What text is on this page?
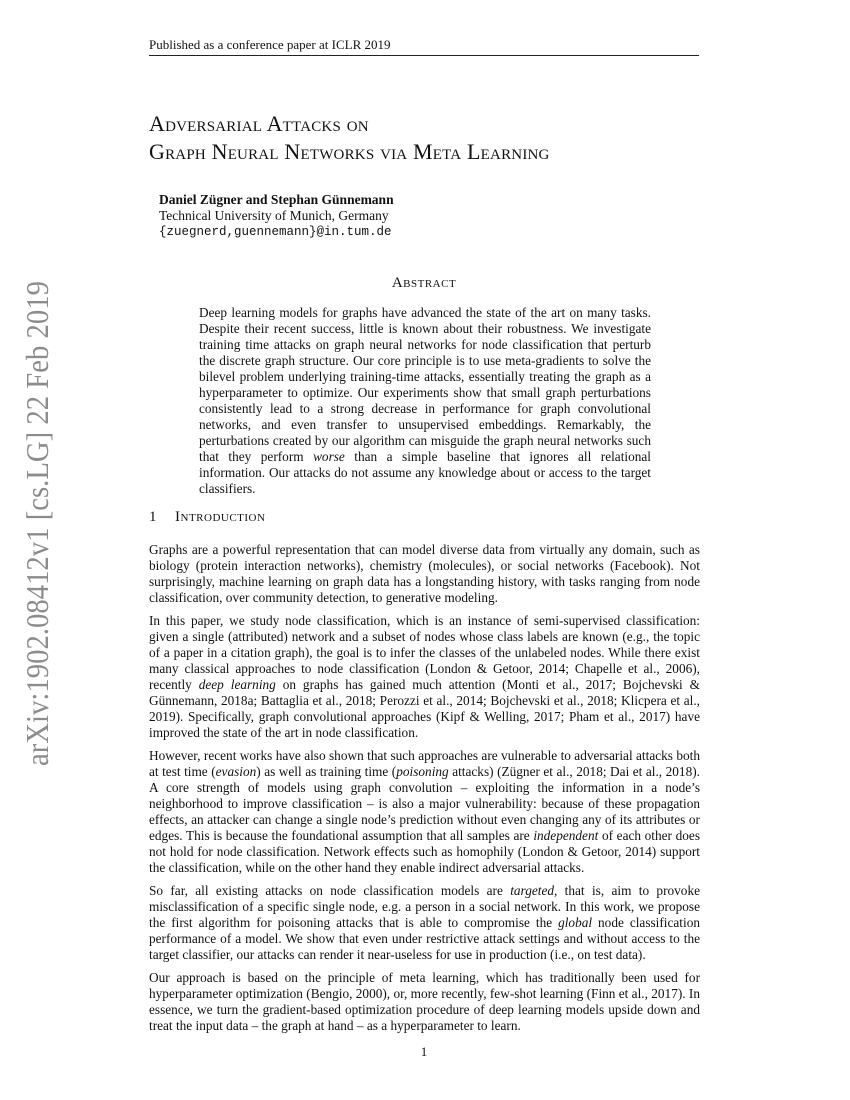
Published as a conference paper at ICLR 2019
Adversarial Attacks on
Graph Neural Networks via Meta Learning
Daniel Zügner and Stephan Günnemann
Technical University of Munich, Germany
{zuegnerd,guennemann}@in.tum.de
arXiv:1902.08412v1 [cs.LG] 22 Feb 2019	Abstract
Deep learning models for graphs have advanced the state of the art on many tasks. Despite their recent success, little is known about their robustness. We investigate training time attacks on graph neural networks for node classification that perturb the discrete graph structure. Our core principle is to use meta-gradients to solve the bilevel problem underlying training-time attacks, essentially treating the graph as a hyperparameter to optimize. Our experiments show that small graph perturbations consistently lead to a strong decrease in performance for graph convolutional networks, and even transfer to unsupervised embeddings. Remarkably, the perturbations created by our algorithm can misguide the graph neural networks such that they perform worse than a simple baseline that ignores all relational information. Our attacks do not assume any knowledge about or access to the target classifiers.
1 Introduction

Graphs are a powerful representation that can model diverse data from virtually any domain, such as biology (protein interaction networks), chemistry (molecules), or social networks (Facebook). Not surprisingly, machine learning on graph data has a longstanding history, with tasks ranging from node classification, over community detection, to generative modeling.

In this paper, we study node classification, which is an instance of semi-supervised classification: given a single (attributed) network and a subset of nodes whose class labels are known (e.g., the topic of a paper in a citation graph), the goal is to infer the classes of the unlabeled nodes. While there exist many classical approaches to node classification (London & Getoor, 2014; Chapelle et al., 2006), recently deep learning on graphs has gained much attention (Monti et al., 2017; Bojchevski & Günnemann, 2018a; Battaglia et al., 2018; Perozzi et al., 2014; Bojchevski et al., 2018; Klicpera et al., 2019). Specifically, graph convolutional approaches (Kipf & Welling, 2017; Pham et al., 2017) have improved the state of the art in node classification.

However, recent works have also shown that such approaches are vulnerable to adversarial attacks both at test time (evasion) as well as training time (poisoning attacks) (Zügner et al., 2018; Dai et al., 2018). A core strength of models using graph convolution – exploiting the information in a node’s neighborhood to improve classification – is also a major vulnerability: because of these propagation effects, an attacker can change a single node’s prediction without even changing any of its attributes or edges. This is because the foundational assumption that all samples are independent of each other does not hold for node classification. Network effects such as homophily (London & Getoor, 2014) support the classification, while on the other hand they enable indirect adversarial attacks.

So far, all existing attacks on node classification models are targeted, that is, aim to provoke misclassification of a specific single node, e.g. a person in a social network. In this work, we propose the first algorithm for poisoning attacks that is able to compromise the global node classification performance of a model. We show that even under restrictive attack settings and without access to the target classifier, our attacks can render it near-useless for use in production (i.e., on test data).

Our approach is based on the principle of meta learning, which has traditionally been used for hyperparameter optimization (Bengio, 2000), or, more recently, few-shot learning (Finn et al., 2017). In essence, we turn the gradient-based optimization procedure of deep learning models upside down and treat the input data – the graph at hand – as a hyperparameter to learn.

1
